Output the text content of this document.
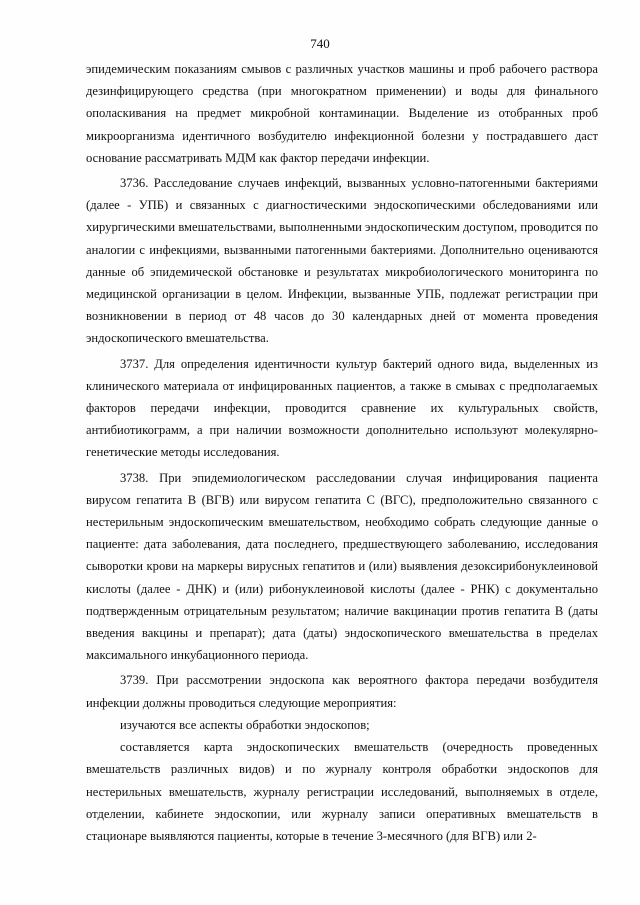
740

эпидемическим показаниям смывов с различных участков машины и проб рабочего раствора дезинфицирующего средства (при многократном применении) и воды для финального ополаскивания на предмет микробной контаминации. Выделение из отобранных проб микроорганизма идентичного возбудителю инфекционной болезни у пострадавшего даст основание рассматривать МДМ как фактор передачи инфекции.

3736. Расследование случаев инфекций, вызванных условно-патогенными бактериями (далее - УПБ) и связанных с диагностическими эндоскопическими обследованиями или хирургическими вмешательствами, выполненными эндоскопическим доступом, проводится по аналогии с инфекциями, вызванными патогенными бактериями. Дополнительно оцениваются данные об эпидемической обстановке и результатах микробиологического мониторинга по медицинской организации в целом. Инфекции, вызванные УПБ, подлежат регистрации при возникновении в период от 48 часов до 30 календарных дней от момента проведения эндоскопического вмешательства.

3737. Для определения идентичности культур бактерий одного вида, выделенных из клинического материала от инфицированных пациентов, а также в смывах с предполагаемых факторов передачи инфекции, проводится сравнение их культуральных свойств, антибиотикограмм, а при наличии возможности дополнительно используют молекулярно-генетические методы исследования.

3738. При эпидемиологическом расследовании случая инфицирования пациента вирусом гепатита В (ВГВ) или вирусом гепатита С (ВГС), предположительно связанного с нестерильным эндоскопическим вмешательством, необходимо собрать следующие данные о пациенте: дата заболевания, дата последнего, предшествующего заболеванию, исследования сыворотки крови на маркеры вирусных гепатитов и (или) выявления дезоксирибонуклеиновой кислоты (далее - ДНК) и (или) рибонуклеиновой кислоты (далее - РНК) с документально подтвержденным отрицательным результатом; наличие вакцинации против гепатита В (даты введения вакцины и препарат); дата (даты) эндоскопического вмешательства в пределах максимального инкубационного периода.

3739. При рассмотрении эндоскопа как вероятного фактора передачи возбудителя инфекции должны проводиться следующие мероприятия:

изучаются все аспекты обработки эндоскопов;

составляется карта эндоскопических вмешательств (очередность проведенных вмешательств различных видов) и по журналу контроля обработки эндоскопов для нестерильных вмешательств, журналу регистрации исследований, выполняемых в отделе, отделении, кабинете эндоскопии, или журналу записи оперативных вмешательств в стационаре выявляются пациенты, которые в течение 3-месячного (для ВГВ) или 2-
